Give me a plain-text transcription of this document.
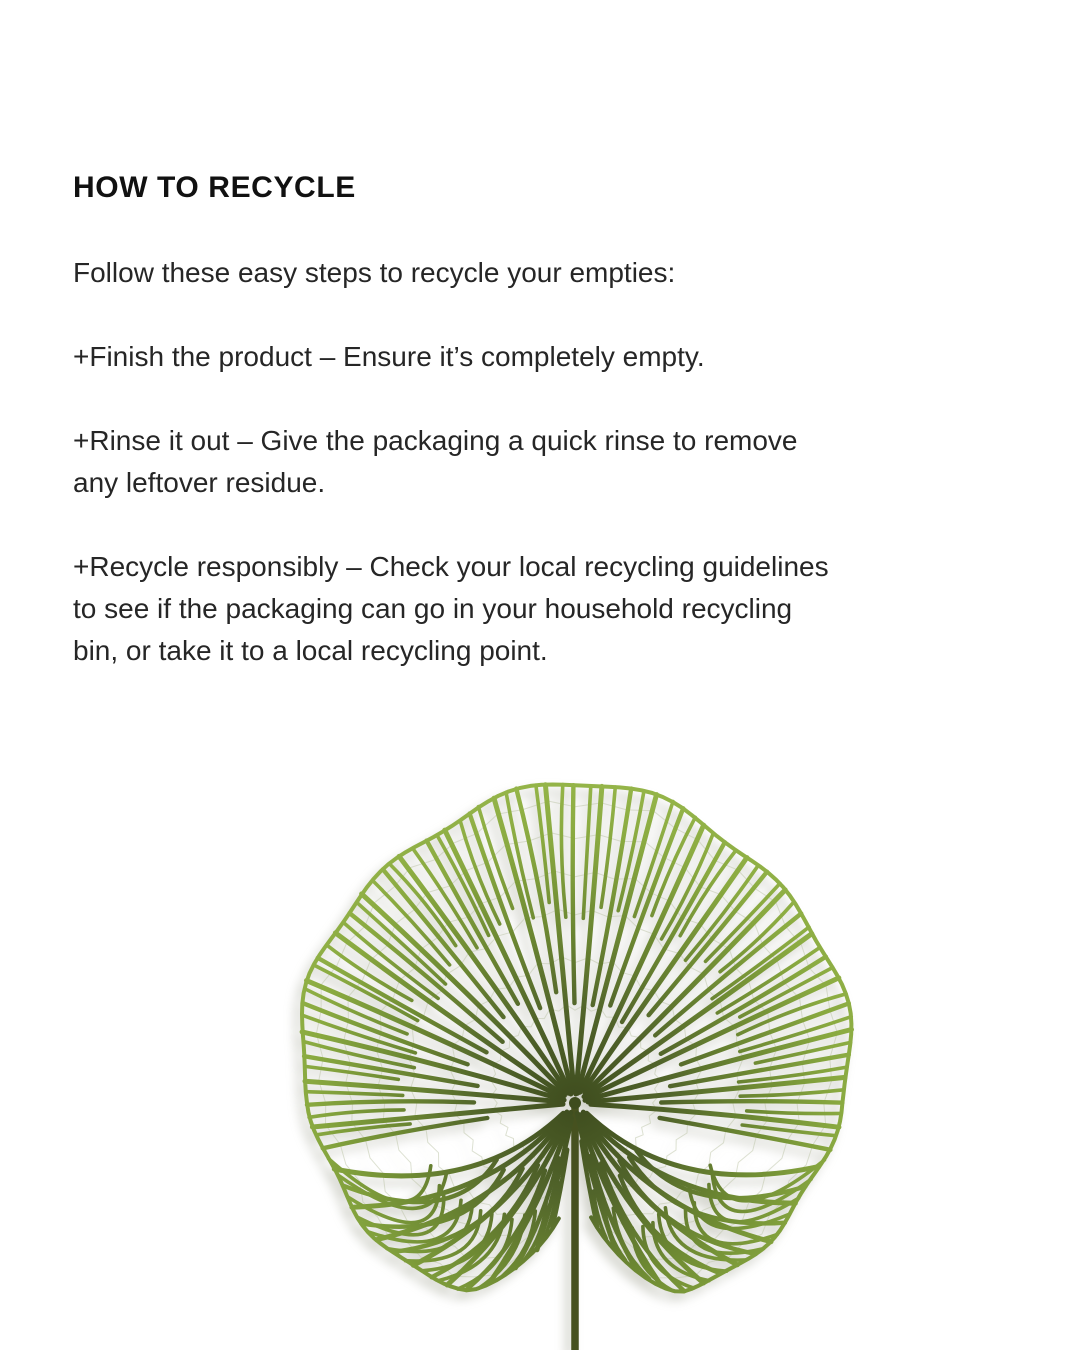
HOW TO RECYCLE

Follow these easy steps to recycle your empties:

+Finish the product – Ensure it’s completely empty.

+Rinse it out – Give the packaging a quick rinse to remove
any leftover residue.

+Recycle responsibly – Check your local recycling guidelines
to see if the packaging can go in your household recycling
bin, or take it to a local recycling point.
